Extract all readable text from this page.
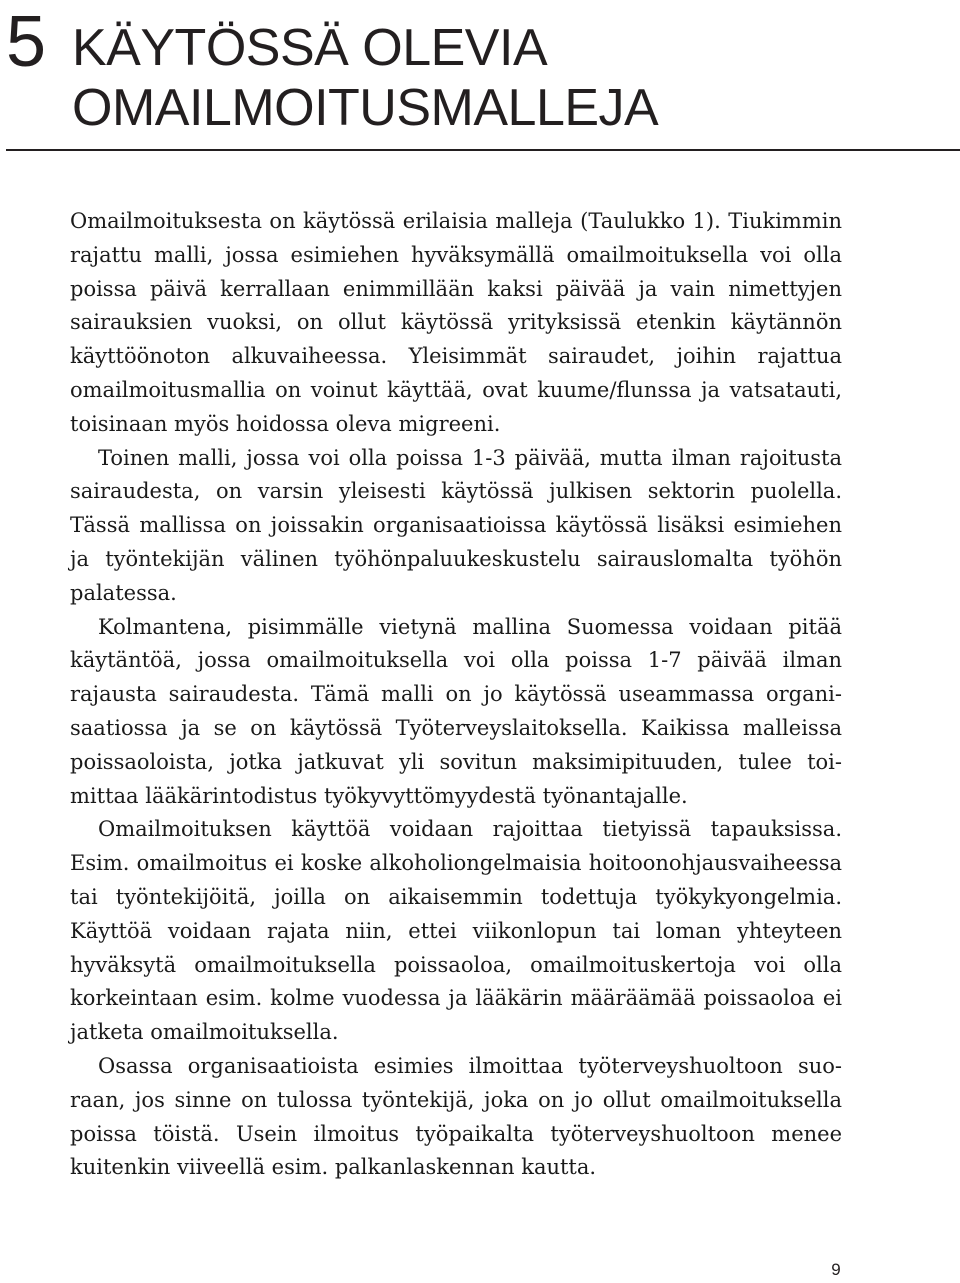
5 KÄYTÖSSÄ OLEVIA
OMAILMOITUSMALLEJA

Omailmoituksesta on käytössä erilaisia malleja (Taulukko 1). Tiukimmin rajattu malli, jossa esimiehen hyväksymällä omailmoituksella voi olla poissa päivä kerrallaan enimmillään kaksi päivää ja vain nimettyjen sairauksien vuoksi, on ollut käytössä yrityksissä etenkin käytännön käyttöönoton alkuvaiheessa. Yleisimmät sairaudet, joihin rajattua omailmoitusmallia on voinut käyttää, ovat kuume/flunssa ja vatsatauti, toisinaan myös hoidossa oleva migreeni.

Toinen malli, jossa voi olla poissa 1-3 päivää, mutta ilman rajoitusta sairaudesta, on varsin yleisesti käytössä julkisen sektorin puolella. Tässä mallissa on joissakin organisaatioissa käytössä lisäksi esimiehen ja työntekijän välinen työhönpaluukeskustelu sairauslomalta työhön palatessa.

Kolmantena, pisimmälle vietynä mallina Suomessa voidaan pitää käytäntöä, jossa omailmoituksella voi olla poissa 1-7 päivää ilman rajausta sairaudesta. Tämä malli on jo käytössä useammassa organisaatiossa ja se on käytössä Työterveyslaitoksella. Kaikissa malleissa poissaoloista, jotka jatkuvat yli sovitun maksimipituuden, tulee toimittaa lääkärintodistus työkyvyttömyydestä työnantajalle.

Omailmoituksen käyttöä voidaan rajoittaa tietyissä tapauksissa. Esim. omailmoitus ei koske alkoholiongelmaisia hoitoonohjausvaiheessa tai työntekijöitä, joilla on aikaisemmin todettuja työkykyongelmia. Käyttöä voidaan rajata niin, ettei viikonlopun tai loman yhteyteen hyväksytä omailmoituksella poissaoloa, omailmoituskertoja voi olla korkeintaan esim. kolme vuodessa ja lääkärin määräämää poissaoloa ei jatketa omailmoituksella.

Osassa organisaatioista esimies ilmoittaa työterveyshuoltoon suoraan, jos sinne on tulossa työntekijä, joka on jo ollut omailmoituksella poissa töistä. Usein ilmoitus työpaikalta työterveyshuoltoon menee kuitenkin viiveellä esim. palkanlaskennan kautta.

9
